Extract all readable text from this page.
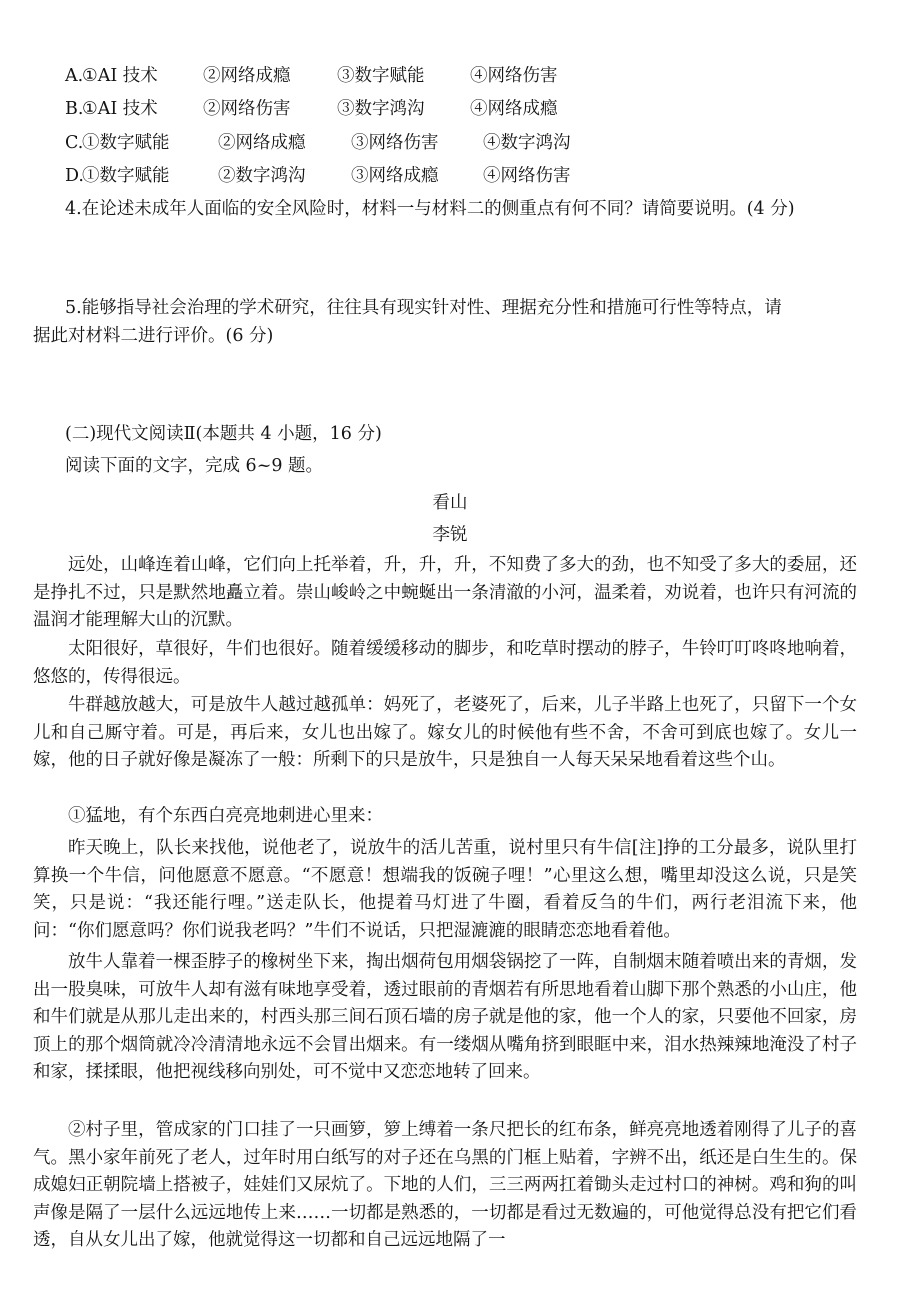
A.
①AI 技术	②网络成瘾	③数字赋能	④网络伤害
B.
①AI 技术	②网络伤害	③数字鸿沟	④网络成瘾
C.
①数字赋能	②网络成瘾	③网络伤害	④数字鸿沟
D.
①数字赋能	②数字鸿沟	③网络成瘾	④网络伤害
4.在论述未成年人面临的安全风险时，材料一与材料二的侧重点有何不同？请简要说明。(4 分)
5.能够指导社会治理的学术研究，往往具有现实针对性、理据充分性和措施可行性等特点，请
据此对材料二进行评价。(6 分)
(二)现代文阅读Ⅱ(本题共 4 小题，16 分)
阅读下面的文字，完成 6~9 题。
看山
李锐

远处，山峰连着山峰，它们向上托举着，升，升，升，不知费了多大的劲，也不知受了多大的委屈，还是挣扎不过，只是默然地矗立着。崇山峻岭之中蜿蜒出一条清澈的小河，温柔着，劝说着，也许只有河流的温润才能理解大山的沉默。

太阳很好，草很好，牛们也很好。随着缓缓移动的脚步，和吃草时摆动的脖子，牛铃叮叮咚咚地响着，悠悠的，传得很远。

牛群越放越大，可是放牛人越过越孤单：妈死了，老婆死了，后来，儿子半路上也死了，只留下一个女儿和自己厮守着。可是，再后来，女儿也出嫁了。嫁女儿的时候他有些不舍，不舍可到底也嫁了。女儿一嫁，他的日子就好像是凝冻了一般：所剩下的只是放牛，只是独自一人每天呆呆地看着这些个山。

①猛地，有个东西白亮亮地刺进心里来：

昨天晚上，队长来找他，说他老了，说放牛的活儿苦重，说村里只有牛信[注]挣的工分最多，说队里打算换一个牛信，问他愿意不愿意。“不愿意！想端我的饭碗子哩！”心里这么想，嘴里却没这么说，只是笑笑，只是说：“我还能行哩。”送走队长，他提着马灯进了牛圈，看着反刍的牛们，两行老泪流下来，他问：“你们愿意吗？你们说我老吗？”牛们不说话，只把湿漉漉的眼睛恋恋地看着他。

放牛人靠着一棵歪脖子的橡树坐下来，掏出烟荷包用烟袋锅挖了一阵，自制烟末随着喷出来的青烟，发出一股臭味，可放牛人却有滋有味地享受着，透过眼前的青烟若有所思地看着山脚下那个熟悉的小山庄，他和牛们就是从那儿走出来的，村西头那三间石顶石墙的房子就是他的家，他一个人的家，只要他不回家，房顶上的那个烟筒就冷冷清清地永远不会冒出烟来。有一缕烟从嘴角挤到眼眶中来，泪水热辣辣地淹没了村子和家，揉揉眼，他把视线移向别处，可不觉中又恋恋地转了回来。

②村子里，管成家的门口挂了一只画箩，箩上缚着一条尺把长的红布条，鲜亮亮地透着刚得了儿子的喜气。黑小家年前死了老人，过年时用白纸写的对子还在乌黑的门框上贴着，字辨不出，纸还是白生生的。保成媳妇正朝院墙上搭被子，娃娃们又尿炕了。下地的人们，三三两两扛着锄头走过村口的神树。鸡和狗的叫声像是隔了一层什么远远地传上来……一切都是熟悉的，一切都是看过无数遍的，可他觉得总没有把它们看透，自从女儿出了嫁，他就觉得这一切都和自己远远地隔了一
